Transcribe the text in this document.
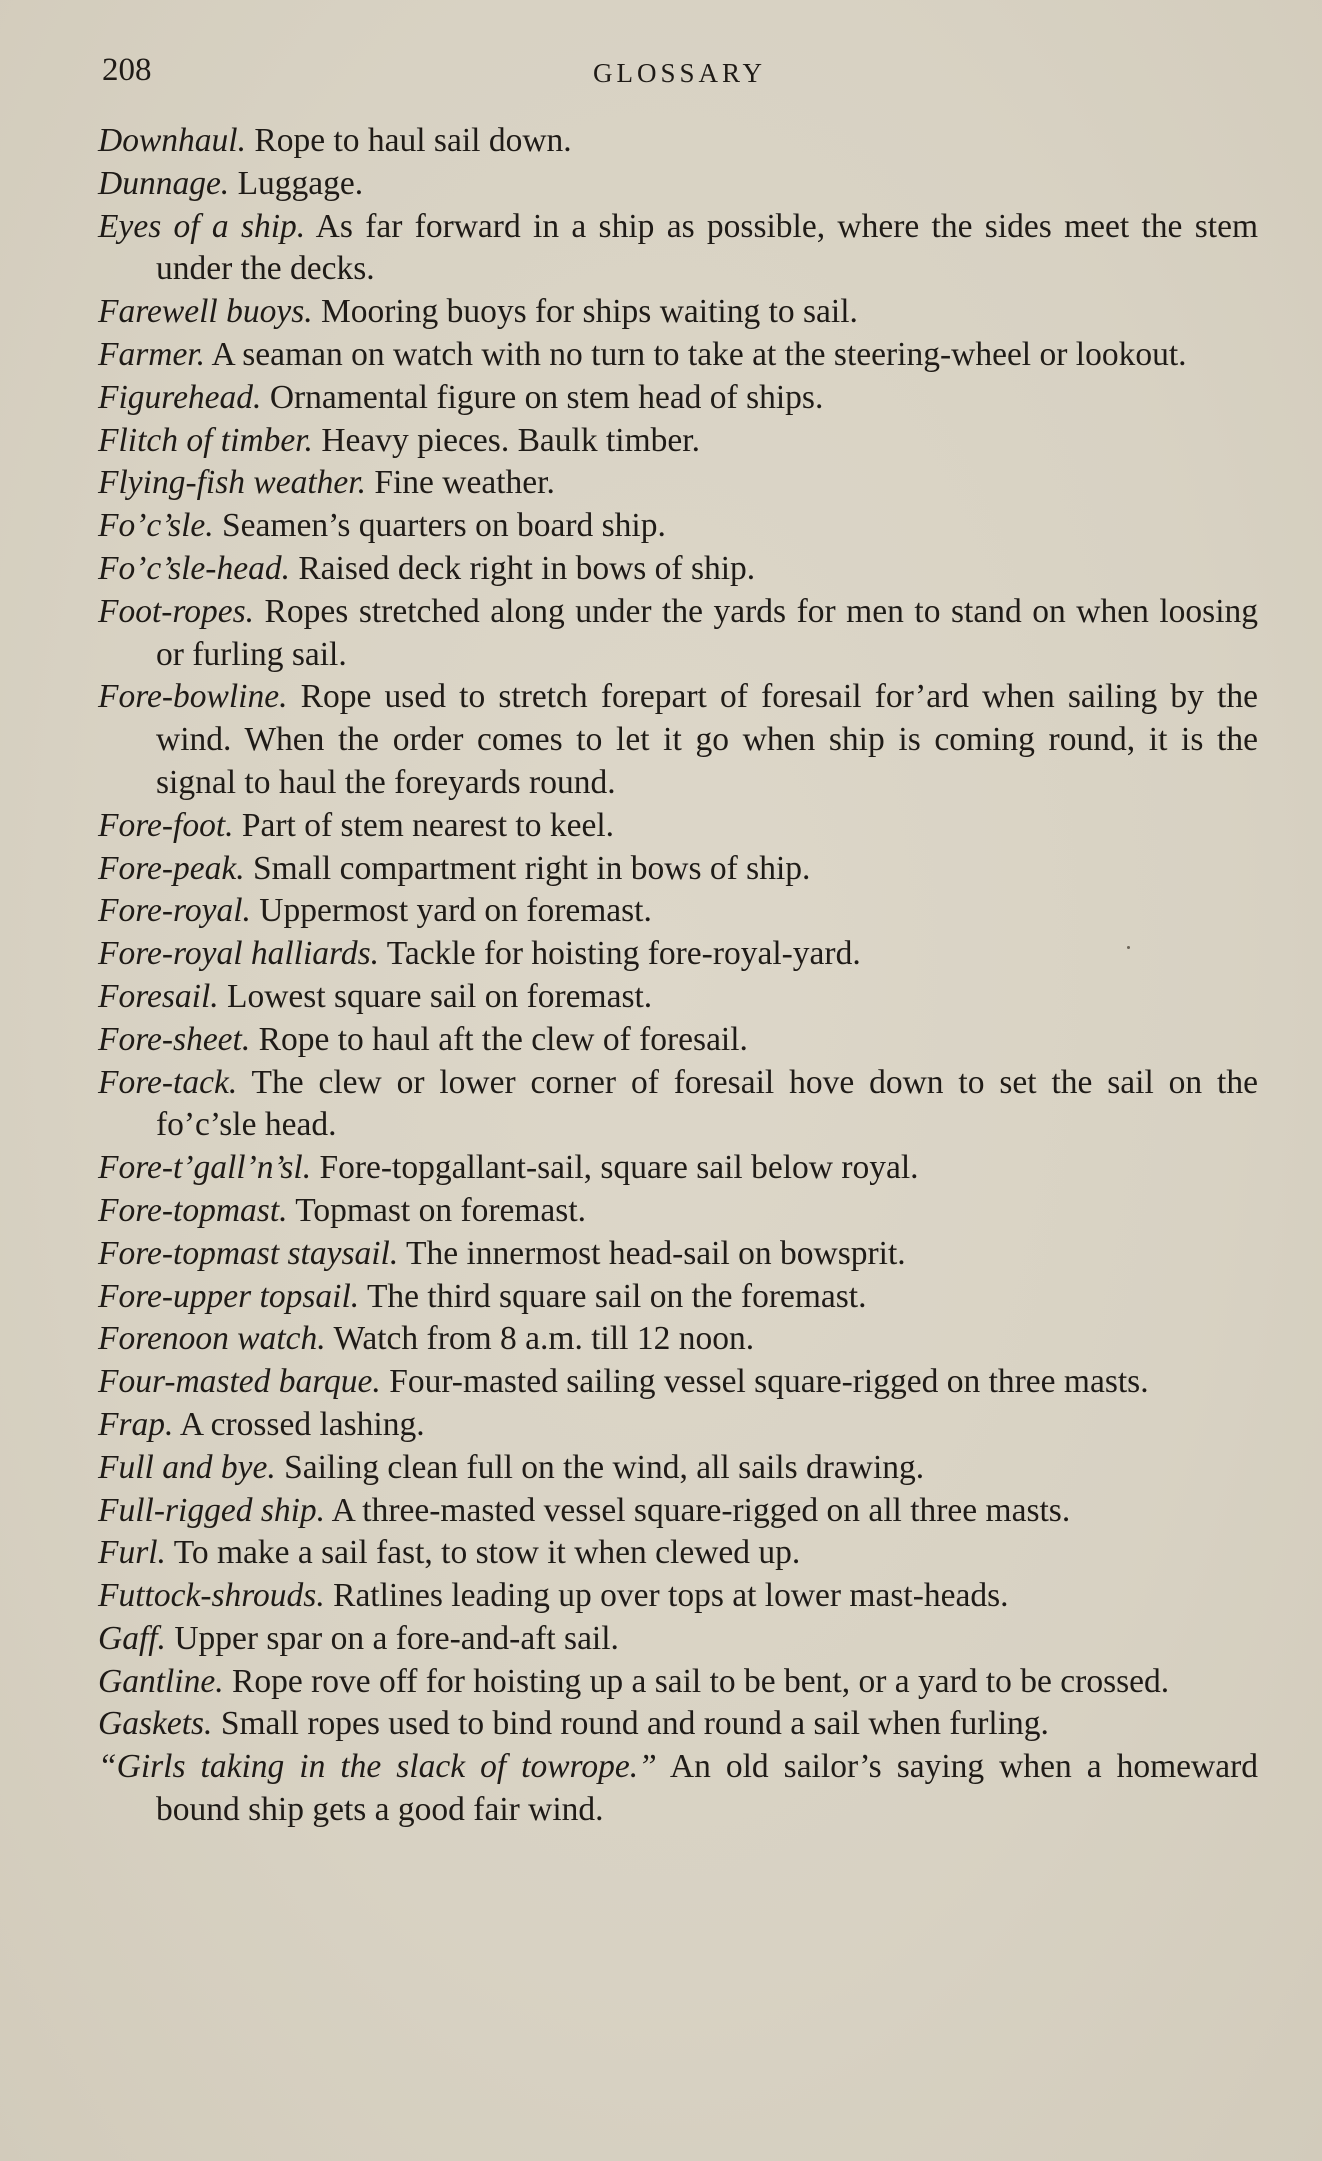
208	GLOSSARY
Downhaul. Rope to haul sail down.
Dunnage. Luggage.
Eyes of a ship. As far forward in a ship as possible, where the sides meet the stem under the decks.
Farewell buoys. Mooring buoys for ships waiting to sail.
Farmer. A seaman on watch with no turn to take at the steering-wheel or lookout.
Figurehead. Ornamental figure on stem head of ships.
Flitch of timber. Heavy pieces. Baulk timber.
Flying-fish weather. Fine weather.
Fo’c’sle. Seamen’s quarters on board ship.
Fo’c’sle-head. Raised deck right in bows of ship.
Foot-ropes. Ropes stretched along under the yards for men to stand on when loosing or furling sail.
Fore-bowline. Rope used to stretch forepart of foresail for’ard when sailing by the wind. When the order comes to let it go when ship is coming round, it is the signal to haul the foreyards round.
Fore-foot. Part of stem nearest to keel.
Fore-peak. Small compartment right in bows of ship.
Fore-royal. Uppermost yard on foremast.
Fore-royal halliards. Tackle for hoisting fore-royal-yard.
Foresail. Lowest square sail on foremast.
Fore-sheet. Rope to haul aft the clew of foresail.
Fore-tack. The clew or lower corner of foresail hove down to set the sail on the fo’c’sle head.
Fore-t’gall’n’sl. Fore-topgallant-sail, square sail below royal.
Fore-topmast. Topmast on foremast.
Fore-topmast staysail. The innermost head-sail on bowsprit.
Fore-upper topsail. The third square sail on the foremast.
Forenoon watch. Watch from 8 a.m. till 12 noon.
Four-masted barque. Four-masted sailing vessel square-rigged on three masts.
Frap. A crossed lashing.
Full and bye. Sailing clean full on the wind, all sails drawing.
Full-rigged ship. A three-masted vessel square-rigged on all three masts.
Furl. To make a sail fast, to stow it when clewed up.
Futtock-shrouds. Ratlines leading up over tops at lower mast-heads.
Gaff. Upper spar on a fore-and-aft sail.
Gantline. Rope rove off for hoisting up a sail to be bent, or a yard to be crossed.
Gaskets. Small ropes used to bind round and round a sail when furling.
“Girls taking in the slack of towrope.” An old sailor’s saying when a homeward bound ship gets a good fair wind.
